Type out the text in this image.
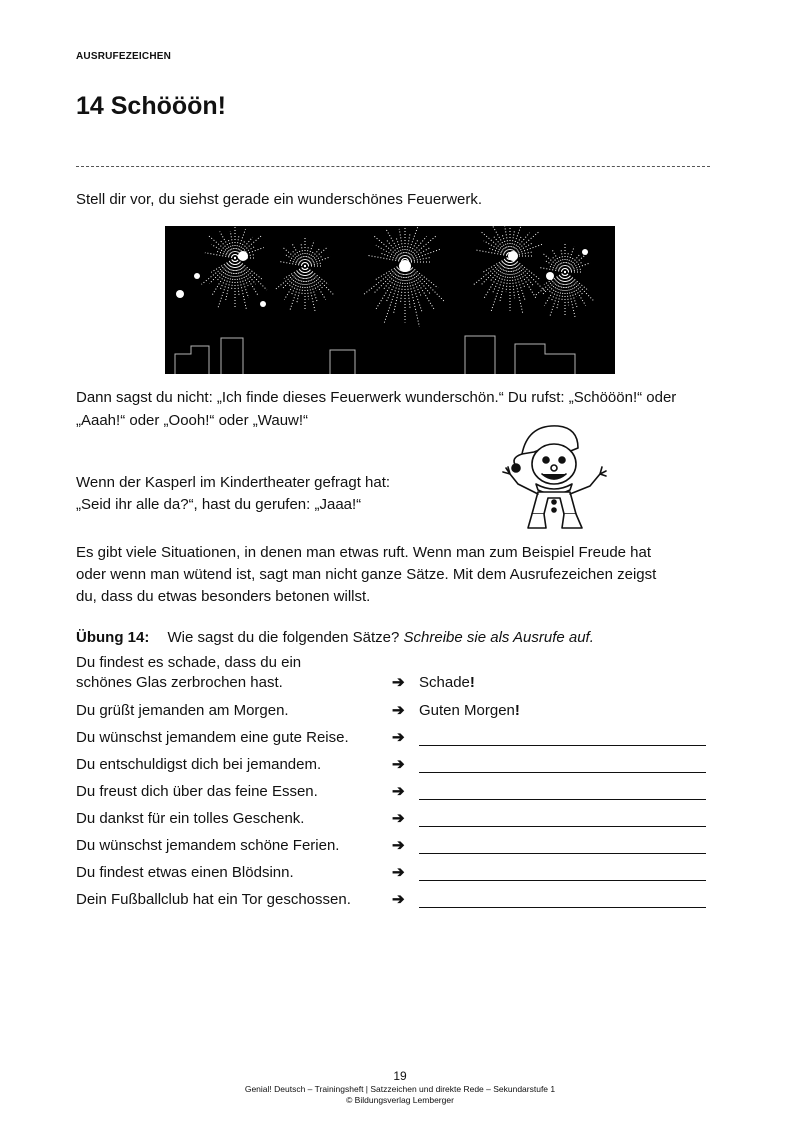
AUSRUFEZEICHEN
14 Schööön!

Stell dir vor, du siehst gerade ein wunderschönes Feuerwerk.

Dann sagst du nicht: „Ich finde dieses Feuerwerk wunderschön.“ Du rufst: „Schööön!“ oder

„Aaah!“ oder „Oooh!“ oder „Wauw!“

Wenn der Kasperl im Kindertheater gefragt hat:

„Seid ihr alle da?“, hast du gerufen: „Jaaa!“

Es gibt viele Situationen, in denen man etwas ruft. Wenn man zum Beispiel Freude hat

oder wenn man wütend ist, sagt man nicht ganze Sätze. Mit dem Ausrufezeichen zeigst

du, dass du etwas besonders betonen willst.

Übung 14: Wie sagst du die folgenden Sätze? Schreibe sie als Ausrufe auf.
Du findest es schade, dass du ein
schönes Glas zerbrochen hast.	➔ Schade!
Du grüßt jemanden am Morgen.	➔ Guten Morgen!
Du wünschst jemandem eine gute Reise.	➔
Du entschuldigst dich bei jemandem.	➔
Du freust dich über das feine Essen.	➔
Du dankst für ein tolles Geschenk.	➔
Du wünschst jemandem schöne Ferien.	➔
Du findest etwas einen Blödsinn.	➔
Dein Fußballclub hat ein Tor geschossen.	➔
19
Genial! Deutsch – Trainingsheft | Satzzeichen und direkte Rede – Sekundarstufe 1
© Bildungsverlag Lemberger
